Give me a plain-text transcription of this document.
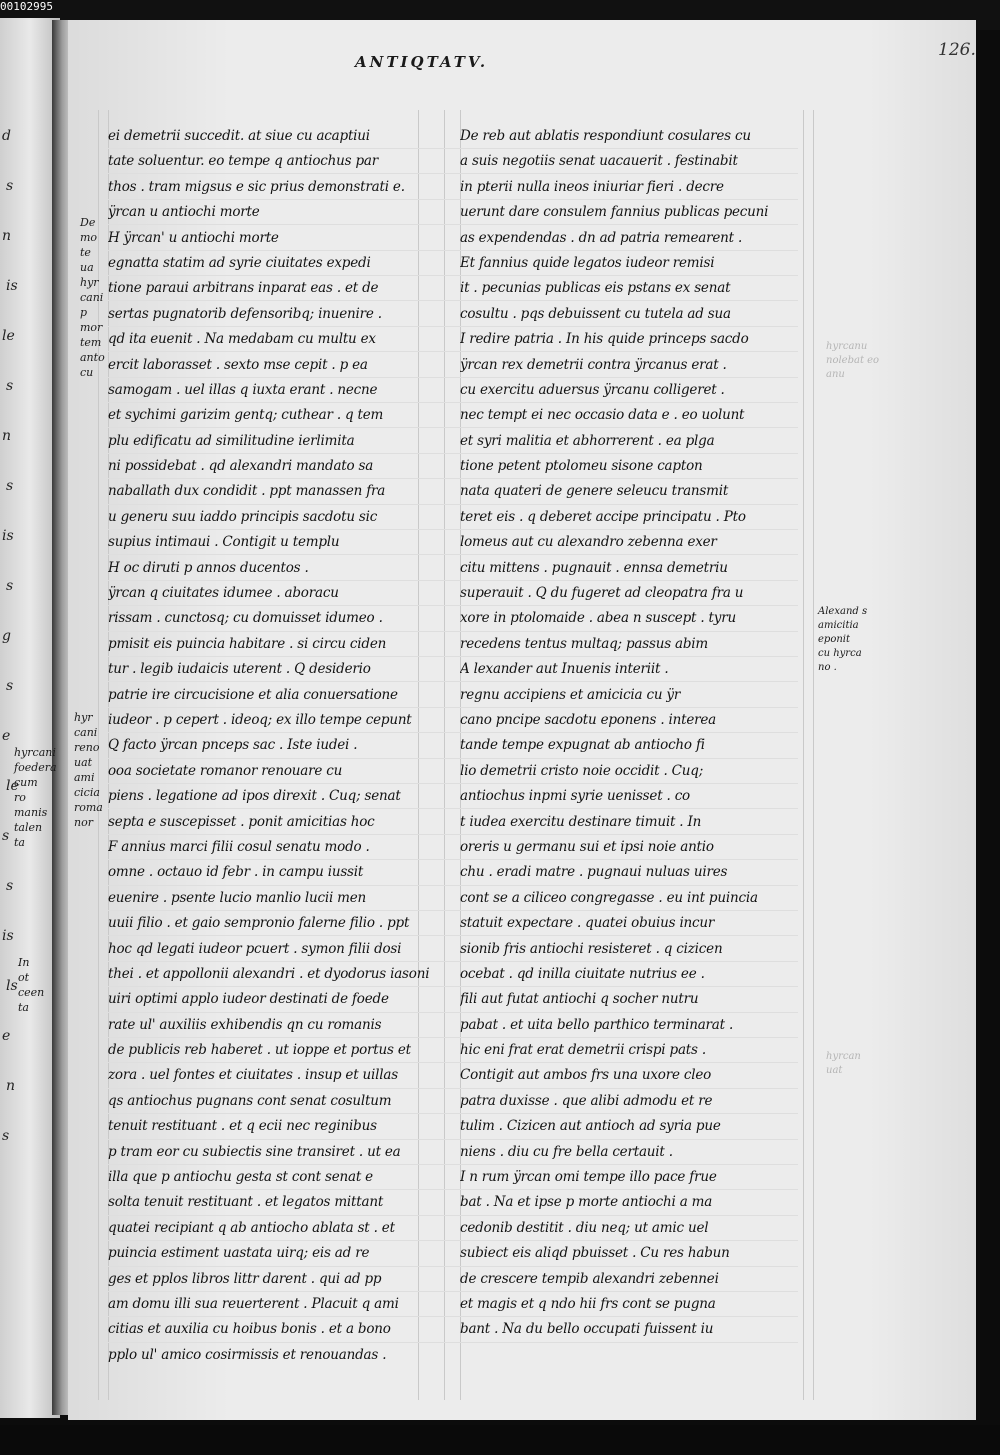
00102995
d
s
n
is
le
s
n
s
is
s
g
s
e
le
s
s
is
ls
e
n
s
ANTIQTATV.
126.
De
mo
te
ua
hyr
cani
p
mor
tem
anto
cu
hyr
cani
reno
uat
ami
cicia
roma
nor
hyrcani
foedera
cum
ro
manis
talen
ta
In
ot
ceen
ta
ei demetrii succedit. at siue cu acaptiui
tate soluentur. eo tempe q antiochus par
thos . tram migsus e sic prius demonstrati e.
ÿrcan u antiochi morte
H ÿrcan' u antiochi morte
egnatta statim ad syrie ciuitates expedi
tione paraui arbitrans inparat eas . et de
sertas pugnatorib defensoribq; inuenire .
qd ita euenit . Na medabam cu multu ex
ercit laborasset . sexto mse cepit . p ea
samogam . uel illas q iuxta erant . necne
et sychimi garizim gentq; cuthear . q tem
plu edificatu ad similitudine ierlimita
ni possidebat . qd alexandri mandato sa
naballath dux condidit . ppt manassen fra
u generu suu iaddo principis sacdotu sic
supius intimaui . Contigit u templu
H oc diruti p annos ducentos .
ÿrcan q ciuitates idumee . aboracu
rissam . cunctosq; cu domuisset idumeo .
pmisit eis puincia habitare . si circu ciden
tur . legib iudaicis uterent . Q desiderio
patrie ire circucisione et alia conuersatione
iudeor . p cepert . ideoq; ex illo tempe cepunt
Q facto ÿrcan pnceps sac . Iste iudei .
ooa societate romanor renouare cu
piens . legatione ad ipos direxit . Cuq; senat
septa e suscepisset . ponit amicitias hoc
F annius marci filii cosul senatu modo .
omne . octauo id febr . in campu iussit
euenire . psente lucio manlio lucii men
uuii filio . et gaio sempronio falerne filio . ppt
hoc qd legati iudeor pcuert . symon filii dosi
thei . et appollonii alexandri . et dyodorus iasoni
uiri optimi applo iudeor destinati de foede
rate ul' auxiliis exhibendis qn cu romanis
de publicis reb haberet . ut ioppe et portus et
zora . uel fontes et ciuitates . insup et uillas
qs antiochus pugnans cont senat cosultum
tenuit restituant . et q ecii nec reginibus
p tram eor cu subiectis sine transiret . ut ea
illa que p antiochu gesta st cont senat e
solta tenuit restituant . et legatos mittant
quatei recipiant q ab antiocho ablata st . et
puincia estiment uastata uirq; eis ad re
ges et pplos libros littr darent . qui ad pp
am domu illi sua reuerterent . Placuit q ami
citias et auxilia cu hoibus bonis . et a bono
pplo ul' amico cosirmissis et renouandas .
De reb aut ablatis respondiunt cosulares cu
a suis negotiis senat uacauerit . festinabit
in pterii nulla ineos iniuriar fieri . decre
uerunt dare consulem fannius publicas pecuni
as expendendas . dn ad patria remearent .
Et fannius quide legatos iudeor remisi
it . pecunias publicas eis pstans ex senat
cosultu . pqs debuissent cu tutela ad sua
I redire patria . In his quide princeps sacdo
ÿrcan rex demetrii contra ÿrcanus erat .
cu exercitu aduersus ÿrcanu colligeret .
nec tempt ei nec occasio data e . eo uolunt
et syri malitia et abhorrerent . ea plga
tione petent ptolomeu sisone capton
nata quateri de genere seleucu transmit
teret eis . q deberet accipe principatu . Pto
lomeus aut cu alexandro zebenna exer
citu mittens . pugnauit . ennsa demetriu
superauit . Q du fugeret ad cleopatra fra u
xore in ptolomaide . abea n suscept . tyru
recedens tentus multaq; passus abim
A lexander aut Inuenis interiit .
regnu accipiens et amicicia cu ÿr
cano pncipe sacdotu eponens . interea
tande tempe expugnat ab antiocho fi
lio demetrii cristo noie occidit . Cuq;
antiochus inpmi syrie uenisset . co
t iudea exercitu destinare timuit . In
oreris u germanu sui et ipsi noie antio
chu . eradi matre . pugnaui nuluas uires
cont se a ciliceo congregasse . eu int puincia
statuit expectare . quatei obuius incur
sionib fris antiochi resisteret . q cizicen
ocebat . qd inilla ciuitate nutrius ee .
fili aut futat antiochi q socher nutru
pabat . et uita bello parthico terminarat .
hic eni frat erat demetrii crispi pats .
Contigit aut ambos frs una uxore cleo
patra duxisse . que alibi admodu et re
tulim . Cizicen aut antioch ad syria pue
niens . diu cu fre bella certauit .
I n rum ÿrcan omi tempe illo pace frue
bat . Na et ipse p morte antiochi a ma
cedonib destitit . diu neq; ut amic uel
subiect eis aliqd pbuisset . Cu res habun
de crescere tempib alexandri zebennei
et magis et q ndo hii frs cont se pugna
bant . Na du bello occupati fuissent iu
Alexand s
amicitia
eponit
cu hyrca
no .
hyrcanu
nolebat eo
anu
hyrcan
uat
